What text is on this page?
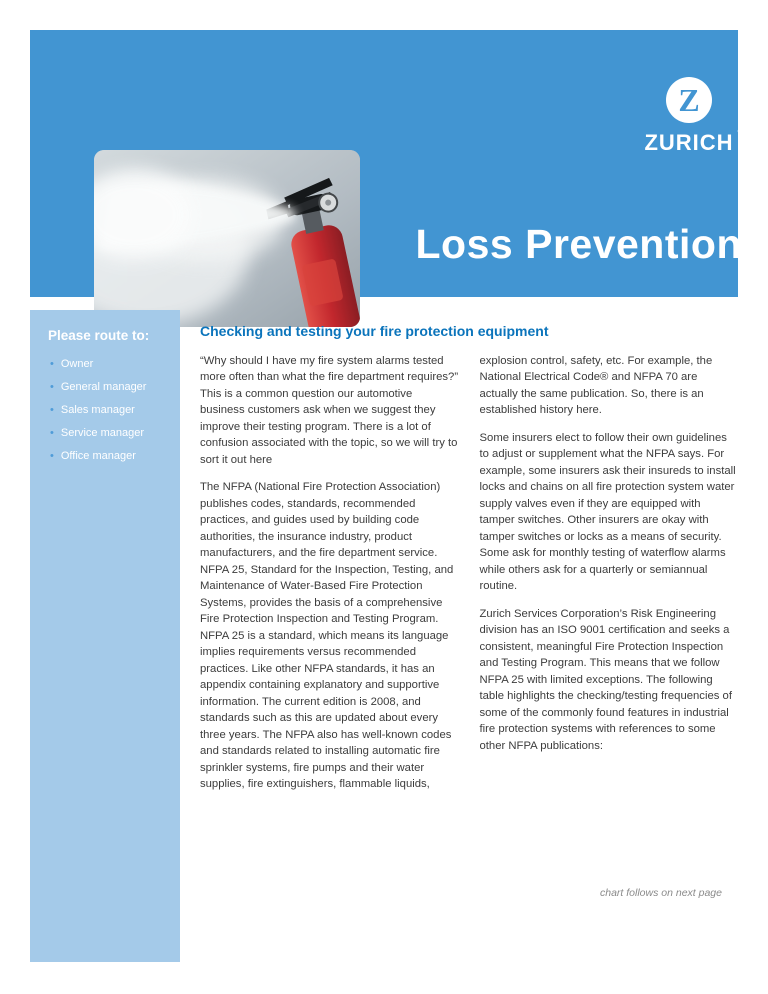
Z
ZURICH ®
Loss Prevention
Please route to:
• Owner
• General manager
• Sales manager
• Service manager
• Office manager
Checking and testing your fire protection equipment

“Why should I have my fire system alarms tested more often than what the fire department requires?” This is a common question our automotive business customers ask when we suggest they improve their testing program. There is a lot of confusion associated with the topic, so we will try to sort it out here

The NFPA (National Fire Protection Association) publishes codes, standards, recommended practices, and guides used by building code authorities, the insurance industry, product manufacturers, and the fire department service. NFPA 25, Standard for the Inspection, Testing, and Maintenance of Water-Based Fire Protection Systems, provides the basis of a comprehensive Fire Protection Inspection and Testing Program. NFPA 25 is a standard, which means its language implies requirements versus recommended practices. Like other NFPA standards, it has an appendix containing explanatory and supportive information. The current edition is 2008, and standards such as this are updated about every three years. The NFPA also has well-known codes and standards related to installing automatic fire sprinkler systems, fire pumps and their water supplies, fire extinguishers, flammable liquids,

explosion control, safety, etc. For example, the National Electrical Code® and NFPA 70 are actually the same publication. So, there is an established history here.

Some insurers elect to follow their own guidelines to adjust or supplement what the NFPA says. For example, some insurers ask their insureds to install locks and chains on all fire protection system water supply valves even if they are equipped with tamper switches. Other insurers are okay with tamper switches or locks as a means of security. Some ask for monthly testing of waterflow alarms while others ask for a quarterly or semiannual routine.

Zurich Services Corporation’s Risk Engineering division has an ISO 9001 certification and seeks a consistent, meaningful Fire Protection Inspection and Testing Program. This means that we follow NFPA 25 with limited exceptions. The following table highlights the checking/testing frequencies of some of the commonly found features in industrial fire protection systems with references to some other NFPA publications:

chart follows on next page
